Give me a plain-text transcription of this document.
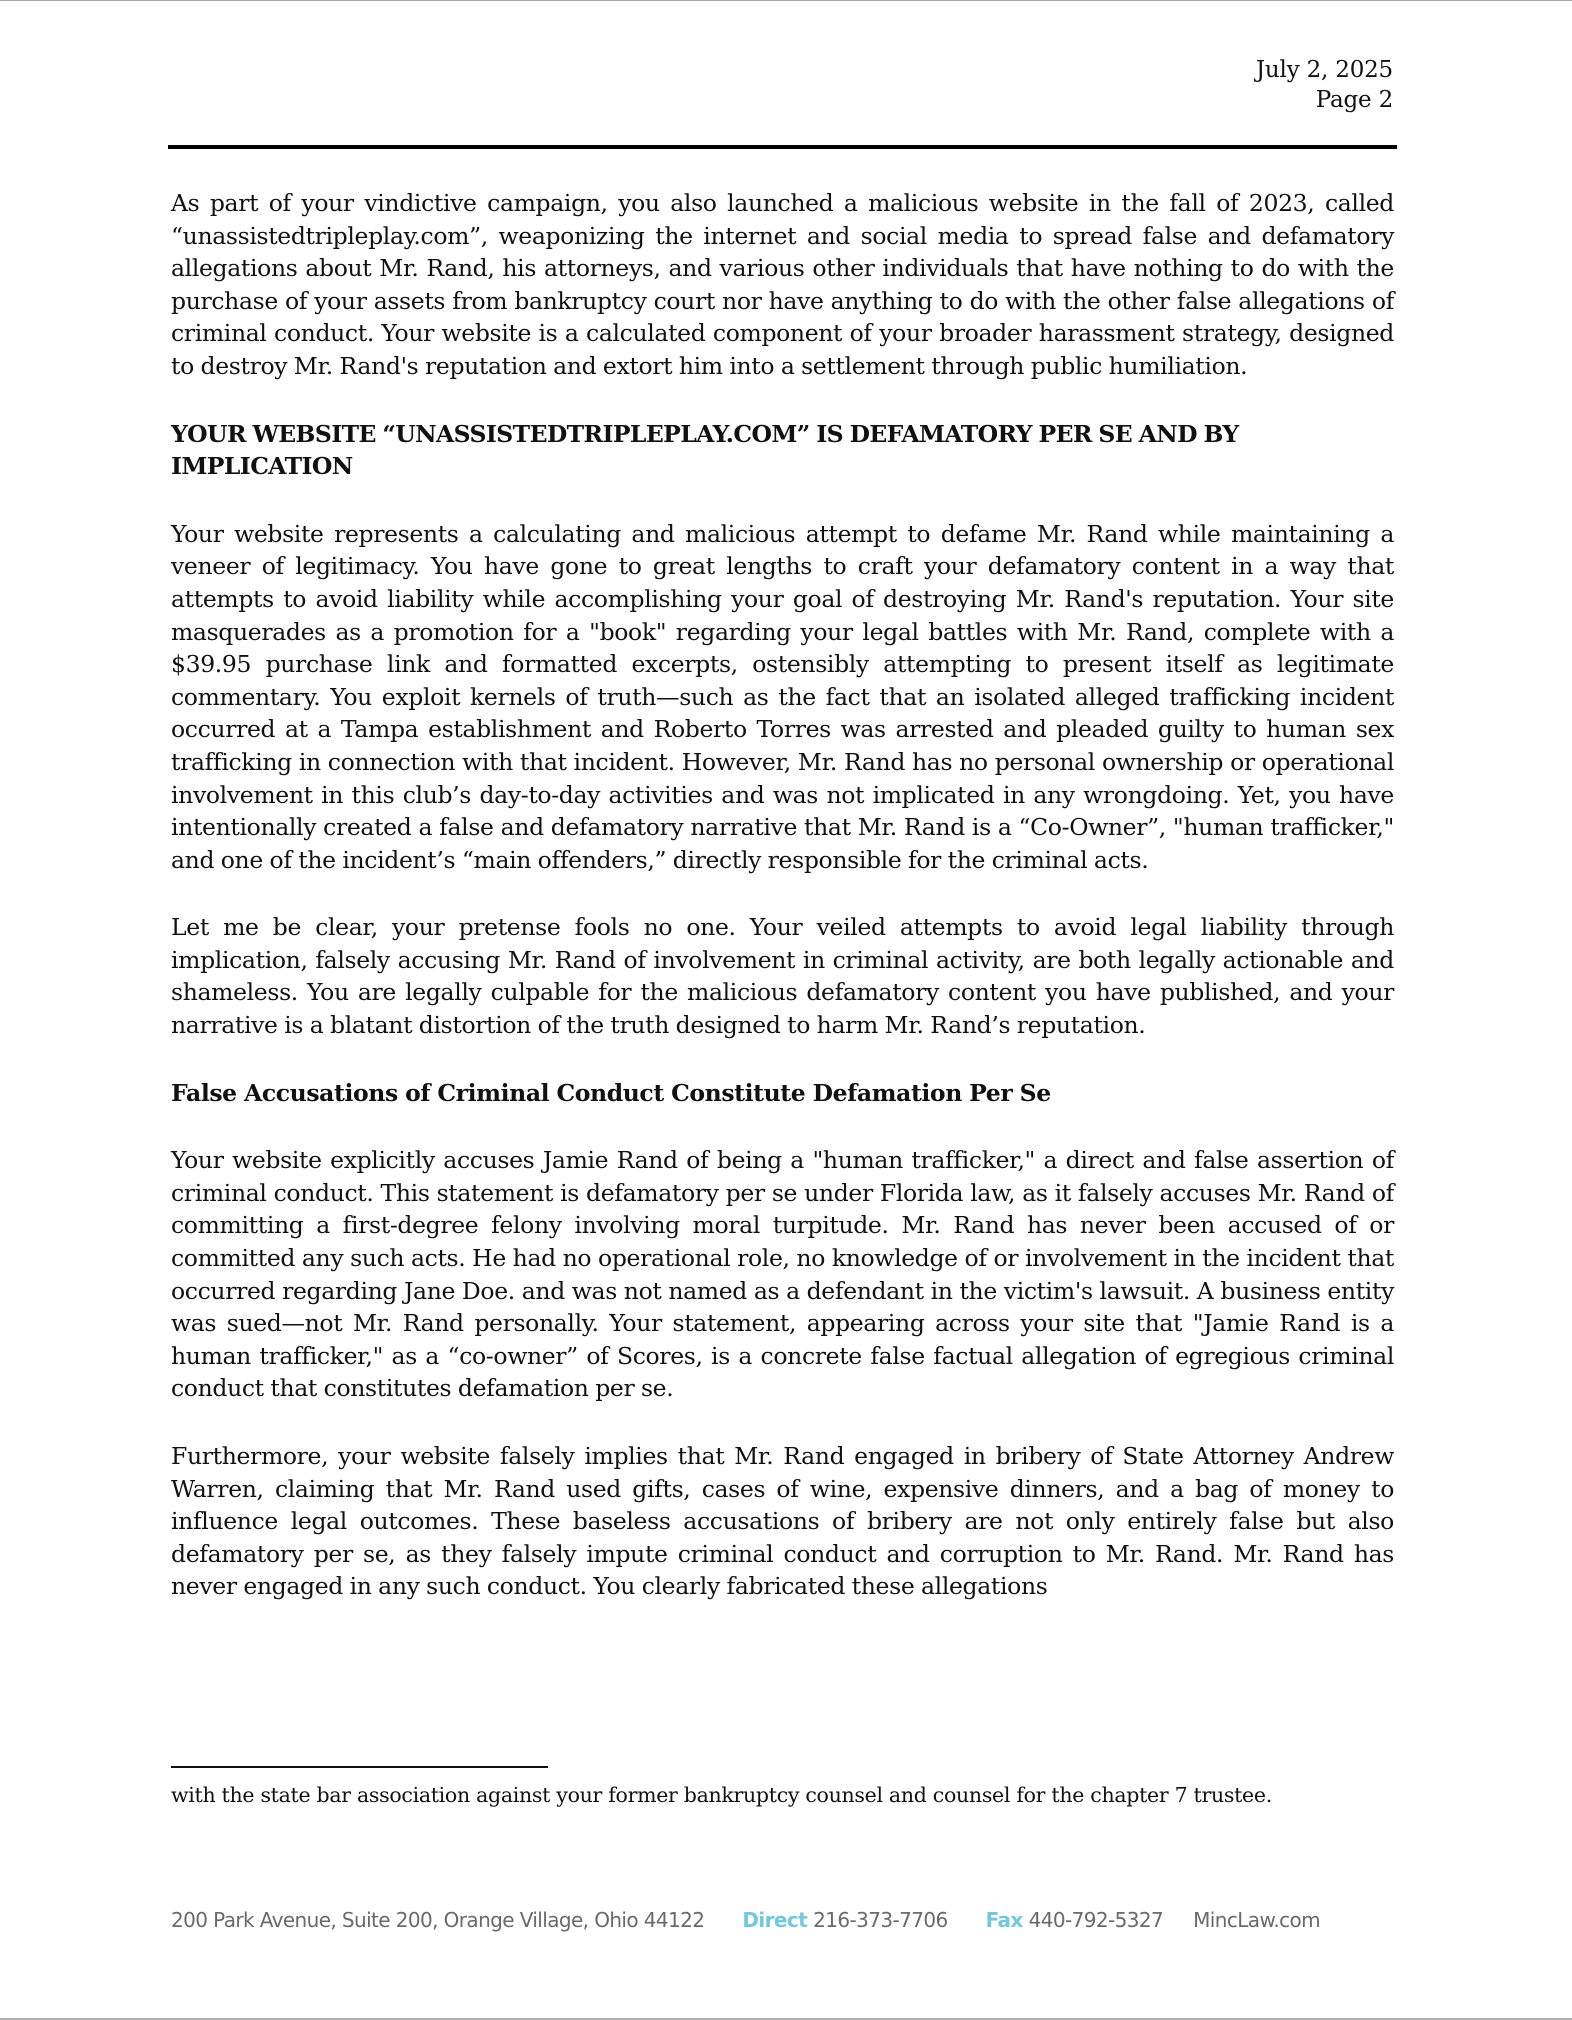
July 2, 2025
Page 2

As part of your vindictive campaign, you also launched a malicious website in the fall of 2023, called “unassistedtripleplay.com”, weaponizing the internet and social media to spread false and defamatory allegations about Mr. Rand, his attorneys, and various other individuals that have nothing to do with the purchase of your assets from bankruptcy court nor have anything to do with the other false allegations of criminal conduct. Your website is a calculated component of your broader harassment strategy, designed to destroy Mr. Rand's reputation and extort him into a settlement through public humiliation.

YOUR WEBSITE “UNASSISTEDTRIPLEPLAY.COM” IS DEFAMATORY PER SE AND BY IMPLICATION

Your website represents a calculating and malicious attempt to defame Mr. Rand while maintaining a veneer of legitimacy. You have gone to great lengths to craft your defamatory content in a way that attempts to avoid liability while accomplishing your goal of destroying Mr. Rand's reputation. Your site masquerades as a promotion for a "book" regarding your legal battles with Mr. Rand, complete with a $39.95 purchase link and formatted excerpts, ostensibly attempting to present itself as legitimate commentary. You exploit kernels of truth—such as the fact that an isolated alleged trafficking incident occurred at a Tampa establishment and Roberto Torres was arrested and pleaded guilty to human sex trafficking in connection with that incident. However, Mr. Rand has no personal ownership or operational involvement in this club’s day-to-day activities and was not implicated in any wrongdoing. Yet, you have intentionally created a false and defamatory narrative that Mr. Rand is a “Co-Owner”, "human trafficker," and one of the incident’s “main offenders,” directly responsible for the criminal acts.

Let me be clear, your pretense fools no one. Your veiled attempts to avoid legal liability through implication, falsely accusing Mr. Rand of involvement in criminal activity, are both legally actionable and shameless. You are legally culpable for the malicious defamatory content you have published, and your narrative is a blatant distortion of the truth designed to harm Mr. Rand’s reputation.

False Accusations of Criminal Conduct Constitute Defamation Per Se

Your website explicitly accuses Jamie Rand of being a "human trafficker," a direct and false assertion of criminal conduct. This statement is defamatory per se under Florida law, as it falsely accuses Mr. Rand of committing a first-degree felony involving moral turpitude. Mr. Rand has never been accused of or committed any such acts. He had no operational role, no knowledge of or involvement in the incident that occurred regarding Jane Doe. and was not named as a defendant in the victim's lawsuit. A business entity was sued—not Mr. Rand personally. Your statement, appearing across your site that "Jamie Rand is a human trafficker," as a “co-owner” of Scores, is a concrete false factual allegation of egregious criminal conduct that constitutes defamation per se.

Furthermore, your website falsely implies that Mr. Rand engaged in bribery of State Attorney Andrew Warren, claiming that Mr. Rand used gifts, cases of wine, expensive dinners, and a bag of money to influence legal outcomes. These baseless accusations of bribery are not only entirely false but also defamatory per se, as they falsely impute criminal conduct and corruption to Mr. Rand. Mr. Rand has never engaged in any such conduct. You clearly fabricated these allegations

with the state bar association against your former bankruptcy counsel and counsel for the chapter 7 trustee.
200 Park Avenue, Suite 200, Orange Village, Ohio 44122 Direct 216-373-7706 Fax 440-792-5327 MincLaw.com
